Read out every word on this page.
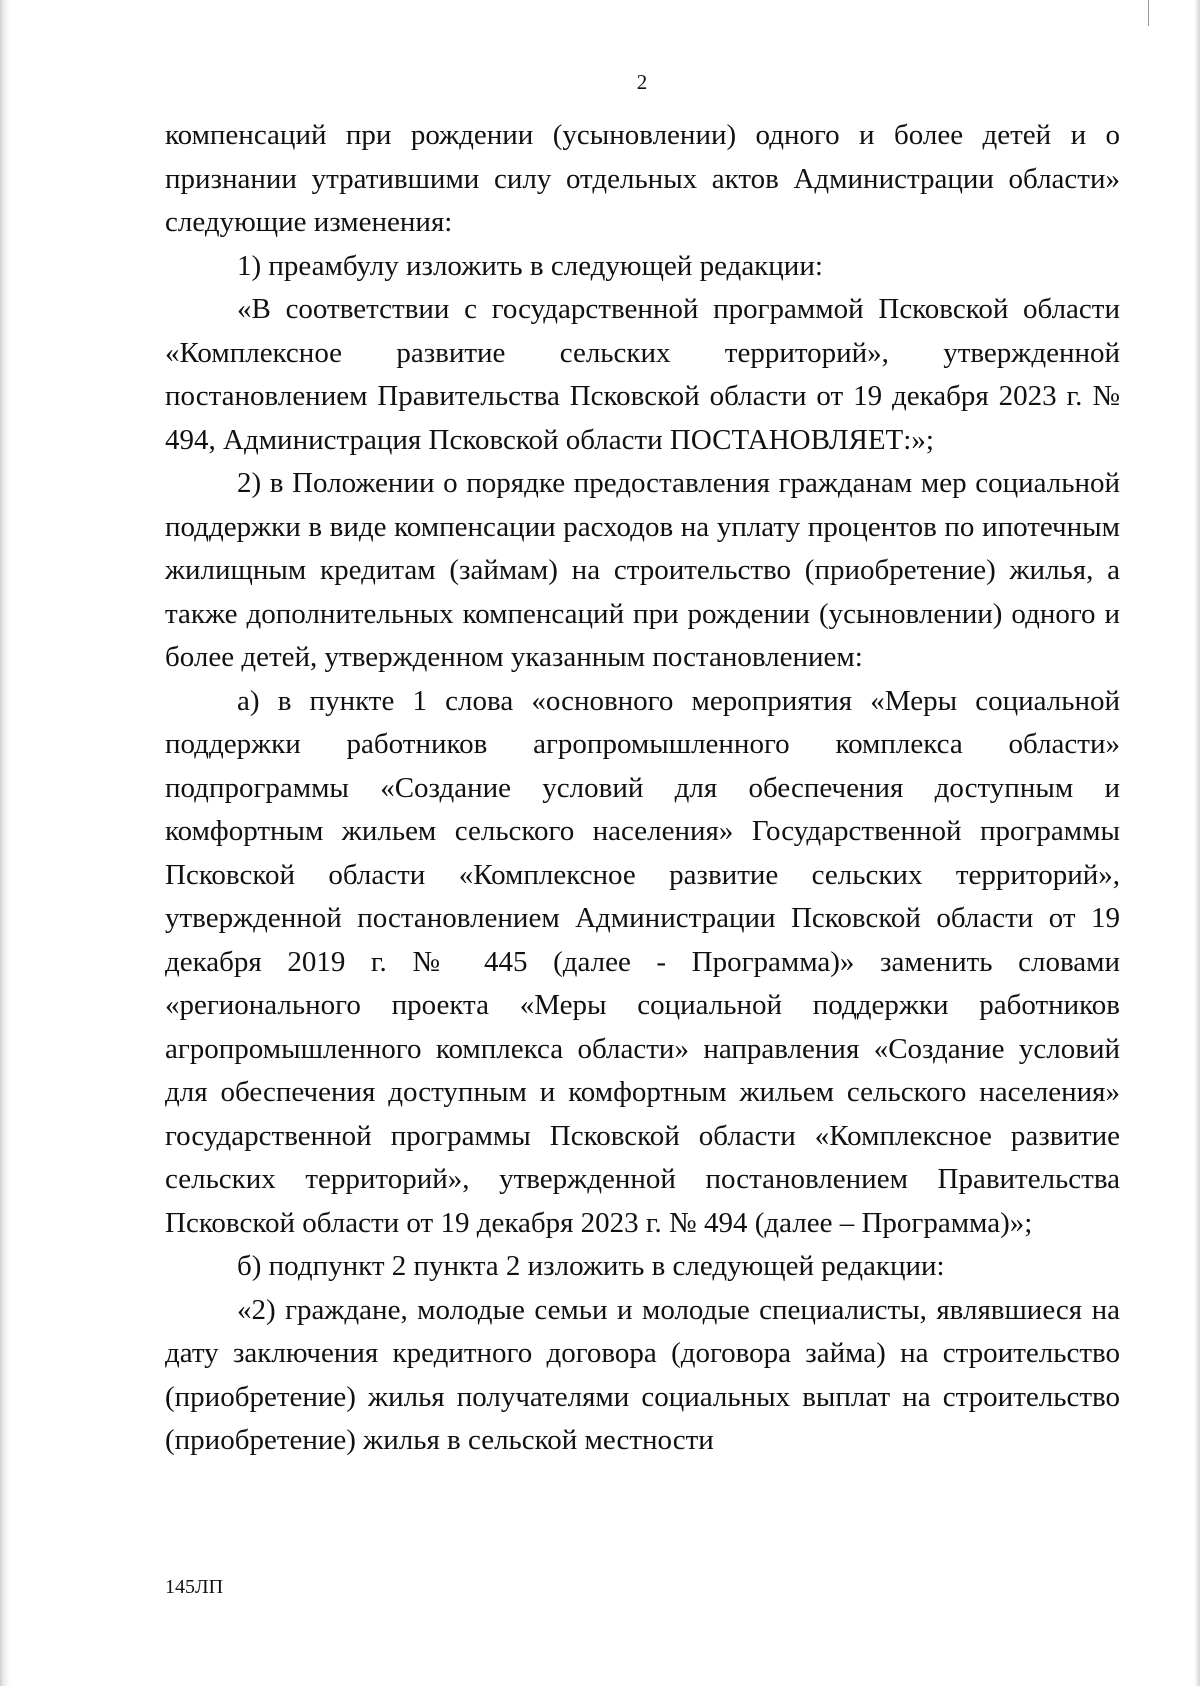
2

компенсаций при рождении (усыновлении) одного и более детей и о признании утратившими силу отдельных актов Администрации области» следующие изменения:

1) преамбулу изложить в следующей редакции:

«В соответствии с государственной программой Псковской области «Комплексное развитие сельских территорий», утвержденной постановлением Правительства Псковской области от 19 декабря 2023 г. № 494, Администрация Псковской области ПОСТАНОВЛЯЕТ:»;

2) в Положении о порядке предоставления гражданам мер социальной поддержки в виде компенсации расходов на уплату процентов по ипотечным жилищным кредитам (займам) на строительство (приобретение) жилья, а также дополнительных компенсаций при рождении (усыновлении) одного и более детей, утвержденном указанным постановлением:

а) в пункте 1 слова «основного мероприятия «Меры социальной поддержки работников агропромышленного комплекса области» подпрограммы «Создание условий для обеспечения доступным и комфортным жильем сельского населения» Государственной программы Псковской области «Комплексное развитие сельских территорий», утвержденной постановлением Администрации Псковской области от 19 декабря 2019 г. № 445 (далее - Программа)» заменить словами «регионального проекта «Меры социальной поддержки работников агропромышленного комплекса области» направления «Создание условий для обеспечения доступным и комфортным жильем сельского населения» государственной программы Псковской области «Комплексное развитие сельских территорий», утвержденной постановлением Правительства Псковской области от 19 декабря 2023 г. № 494 (далее – Программа)»;

б) подпункт 2 пункта 2 изложить в следующей редакции:

«2) граждане, молодые семьи и молодые специалисты, являвшиеся на дату заключения кредитного договора (договора займа) на строительство (приобретение) жилья получателями социальных выплат на строительство (приобретение) жилья в сельской местности

145ЛП
